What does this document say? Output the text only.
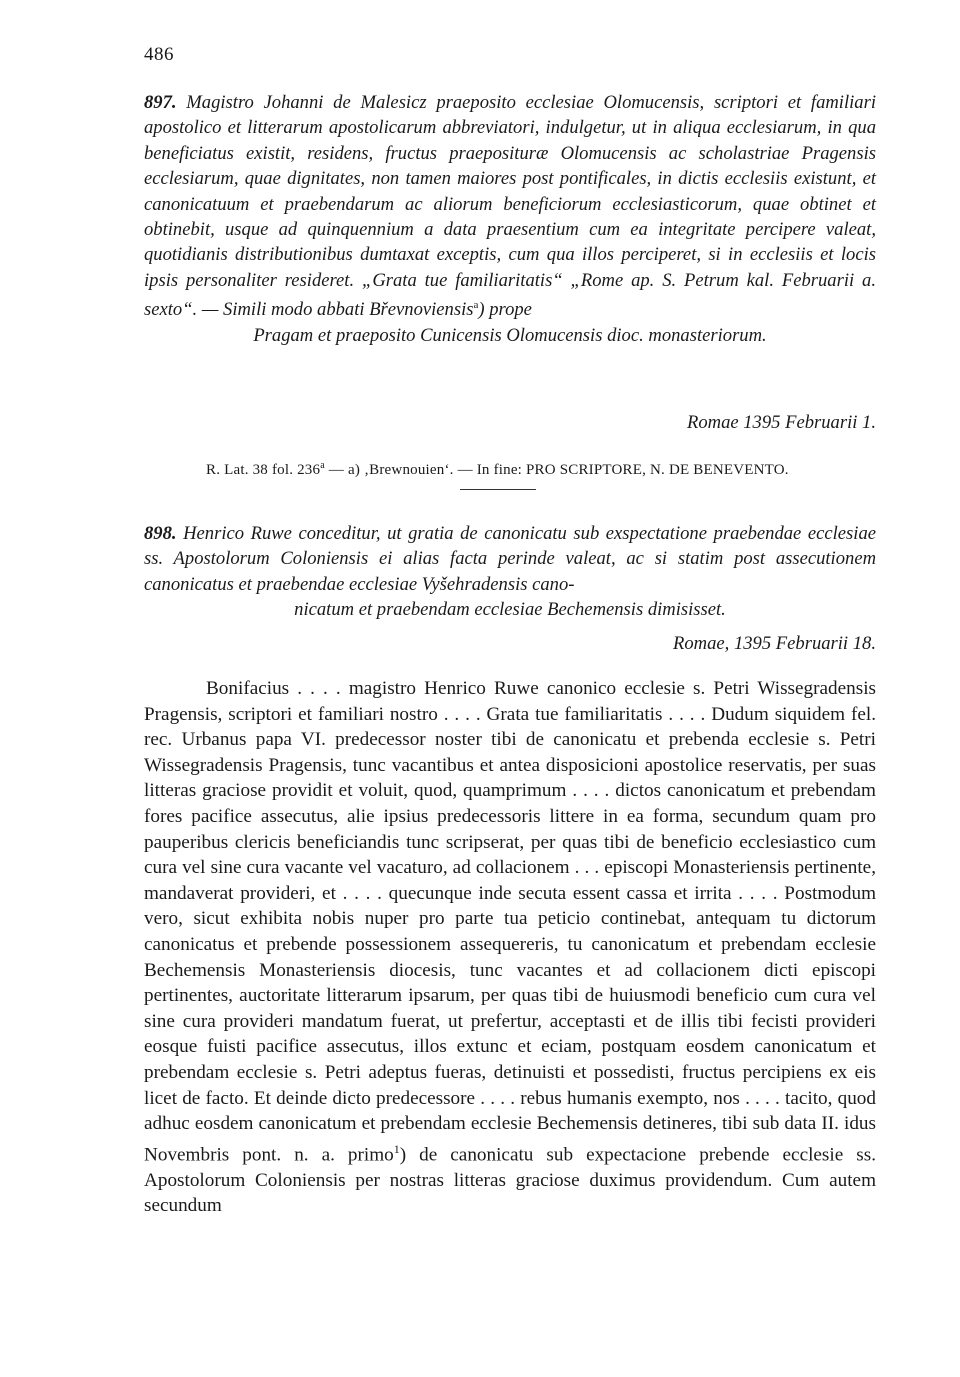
486
897. Magistro Johanni de Malesicz praeposito ecclesiae Olomucensis, scriptori et familiari apostolico et litterarum apostolicarum abbreviatori, indulgetur, ut in aliqua ecclesiarum, in qua beneficiatus existit, residens, fructus praeposituræ Olomucensis ac scholastriae Pragensis ecclesiarum, quae dignitates, non tamen maiores post pontificales, in dictis ecclesiis existunt, et canonicatuum et praebendarum ac aliorum beneficiorum ecclesiasticorum, quae obtinet et obtinebit, usque ad quinquennium a data praesentium cum ea integritate percipere valeat, quotidianis distributionibus dumtaxat exceptis, cum qua illos perciperet, si in ecclesiis et locis ipsis personaliter resideret. „Grata tue familiaritatis“ „Rome ap. S. Petrum kal. Februarii a. sexto“. — Simili modo abbati Břevnoviensis$^a$) prope
Pragam et praeposito Cunicensis Olomucensis dioc. monasteriorum.
Romae 1395 Februarii 1.
R. Lat. 38 fol. 236$^a$ — a) ‚Brewnouien‘. — In fine: PRO SCRIPTORE, N. DE BENEVENTO.
898. Henrico Ruwe conceditur, ut gratia de canonicatu sub exspectatione praebendae ecclesiae ss. Apostolorum Coloniensis ei alias facta perinde valeat, ac si statim post assecutionem canonicatus et praebendae ecclesiae Vyšehradensis cano-
nicatum et praebendam ecclesiae Bechemensis dimisisset.
Romae, 1395 Februarii 18.
Bonifacius . . . . magistro Henrico Ruwe canonico ecclesie s. Petri Wissegradensis Pragensis, scriptori et familiari nostro . . . . Grata tue familiaritatis . . . . Dudum siquidem fel. rec. Urbanus papa VI. predecessor noster tibi de canonicatu et prebenda ecclesie s. Petri Wissegradensis Pragensis, tunc vacantibus et antea disposicioni apostolice reservatis, per suas litteras graciose providit et voluit, quod, quamprimum . . . . dictos canonicatum et prebendam fores pacifice assecutus, alie ipsius predecessoris littere in ea forma, secundum quam pro pauperibus clericis beneficiandis tunc scripserat, per quas tibi de beneficio ecclesiastico cum cura vel sine cura vacante vel vacaturo, ad collacionem . . . episcopi Monasteriensis pertinente, mandaverat provideri, et . . . . quecunque inde secuta essent cassa et irrita . . . . Postmodum vero, sicut exhibita nobis nuper pro parte tua peticio continebat, antequam tu dictorum canonicatus et prebende possessionem assequereris, tu canonicatum et prebendam ecclesie Bechemensis Monasteriensis diocesis, tunc vacantes et ad collacionem dicti episcopi pertinentes, auctoritate litterarum ipsarum, per quas tibi de huiusmodi beneficio cum cura vel sine cura provideri mandatum fuerat, ut prefertur, acceptasti et de illis tibi fecisti provideri eosque fuisti pacifice assecutus, illos extunc et eciam, postquam eosdem canonicatum et prebendam ecclesie s. Petri adeptus fueras, detinuisti et possedisti, fructus percipiens ex eis licet de facto. Et deinde dicto predecessore . . . . rebus humanis exempto, nos . . . . tacito, quod adhuc eosdem canonicatum et prebendam ecclesie Bechemensis detineres, tibi sub data II. idus Novembris pont. n. a. primo$^1$) de canonicatu sub expectacione prebende ecclesie ss. Apostolorum Coloniensis per nostras litteras graciose duximus providendum. Cum autem secundum
